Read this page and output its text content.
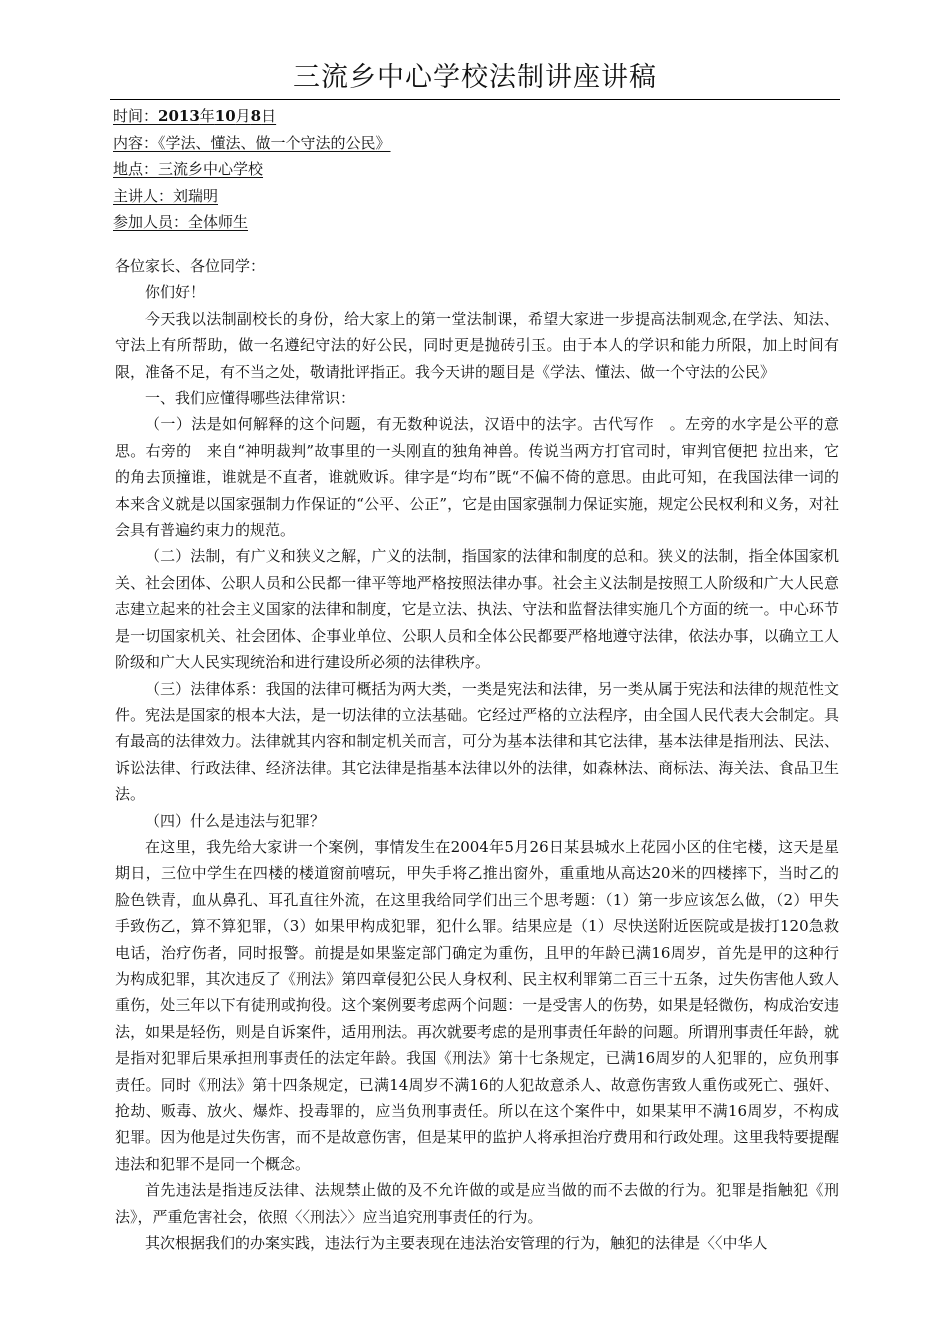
三流乡中心学校法制讲座讲稿
时间：2013年10月8日
内容：《学法、懂法、做一个守法的公民》
地点：三流乡中心学校
主讲人：刘瑞明
参加人员：全体师生

各位家长、各位同学：

你们好！

今天我以法制副校长的身份，给大家上的第一堂法制课，希望大家进一步提高法制观念,在学法、知法、守法上有所帮助，做一名遵纪守法的好公民，同时更是抛砖引玉。由于本人的学识和能力所限，加上时间有限，准备不足，有不当之处，敬请批评指正。我今天讲的题目是《学法、懂法、做一个守法的公民》

一、我们应懂得哪些法律常识：

（一）法是如何解释的这个问题，有无数种说法，汉语中的法字。古代写作　。左旁的水字是公平的意思。右旁的　来自“神明裁判”故事里的一头刚直的独角神兽。传说当两方打官司时，审判官便把 拉出来，它的角去顶撞谁，谁就是不直者，谁就败诉。律字是“均布”既“不偏不倚的意思。由此可知，在我国法律一词的本来含义就是以国家强制力作保证的“公平、公正”，它是由国家强制力保证实施，规定公民权利和义务，对社会具有普遍约束力的规范。

（二）法制，有广义和狭义之解，广义的法制，指国家的法律和制度的总和。狭义的法制，指全体国家机关、社会团体、公职人员和公民都一律平等地严格按照法律办事。社会主义法制是按照工人阶级和广大人民意志建立起来的社会主义国家的法律和制度，它是立法、执法、守法和监督法律实施几个方面的统一。中心环节是一切国家机关、社会团体、企事业单位、公职人员和全体公民都要严格地遵守法律，依法办事，以确立工人阶级和广大人民实现统治和进行建设所必须的法律秩序。

（三）法律体系：我国的法律可概括为两大类，一类是宪法和法律，另一类从属于宪法和法律的规范性文件。宪法是国家的根本大法，是一切法律的立法基础。它经过严格的立法程序，由全国人民代表大会制定。具有最高的法律效力。法律就其内容和制定机关而言，可分为基本法律和其它法律，基本法律是指刑法、民法、诉讼法律、行政法律、经济法律。其它法律是指基本法律以外的法律，如森林法、商标法、海关法、食品卫生法。

（四）什么是违法与犯罪？

在这里，我先给大家讲一个案例，事情发生在2004年5月26日某县城水上花园小区的住宅楼，这天是星期日，三位中学生在四楼的楼道窗前嘻玩，甲失手将乙推出窗外，重重地从高达20米的四楼摔下，当时乙的脸色铁青，血从鼻孔、耳孔直往外流，在这里我给同学们出三个思考题：（1）第一步应该怎么做，（2）甲失手致伤乙，算不算犯罪，（3）如果甲构成犯罪，犯什么罪。结果应是（1）尽快送附近医院或是拔打120急救电话，治疗伤者，同时报警。前提是如果鉴定部门确定为重伤，且甲的年龄已满16周岁，首先是甲的这种行为构成犯罪，其次违反了《刑法》第四章侵犯公民人身权利、民主权利罪第二百三十五条，过失伤害他人致人重伤，处三年以下有徒刑或拘役。这个案例要考虑两个问题：一是受害人的伤势，如果是轻微伤，构成治安违法，如果是轻伤，则是自诉案件，适用刑法。再次就要考虑的是刑事责任年龄的问题。所谓刑事责任年龄，就是指对犯罪后果承担刑事责任的法定年龄。我国《刑法》第十七条规定，已满16周岁的人犯罪的，应负刑事责任。同时《刑法》第十四条规定，已满14周岁不满16的人犯故意杀人、故意伤害致人重伤或死亡、强奸、抢劫、贩毒、放火、爆炸、投毒罪的，应当负刑事责任。所以在这个案件中，如果某甲不满16周岁，不构成犯罪。因为他是过失伤害，而不是故意伤害，但是某甲的监护人将承担治疗费用和行政处理。这里我特要提醒违法和犯罪不是同一个概念。

首先违法是指违反法律、法规禁止做的及不允许做的或是应当做的而不去做的行为。犯罪是指触犯《刑法》，严重危害社会，依照〈〈刑法〉〉应当追究刑事责任的行为。

其次根据我们的办案实践，违法行为主要表现在违法治安管理的行为，触犯的法律是〈〈中华人
